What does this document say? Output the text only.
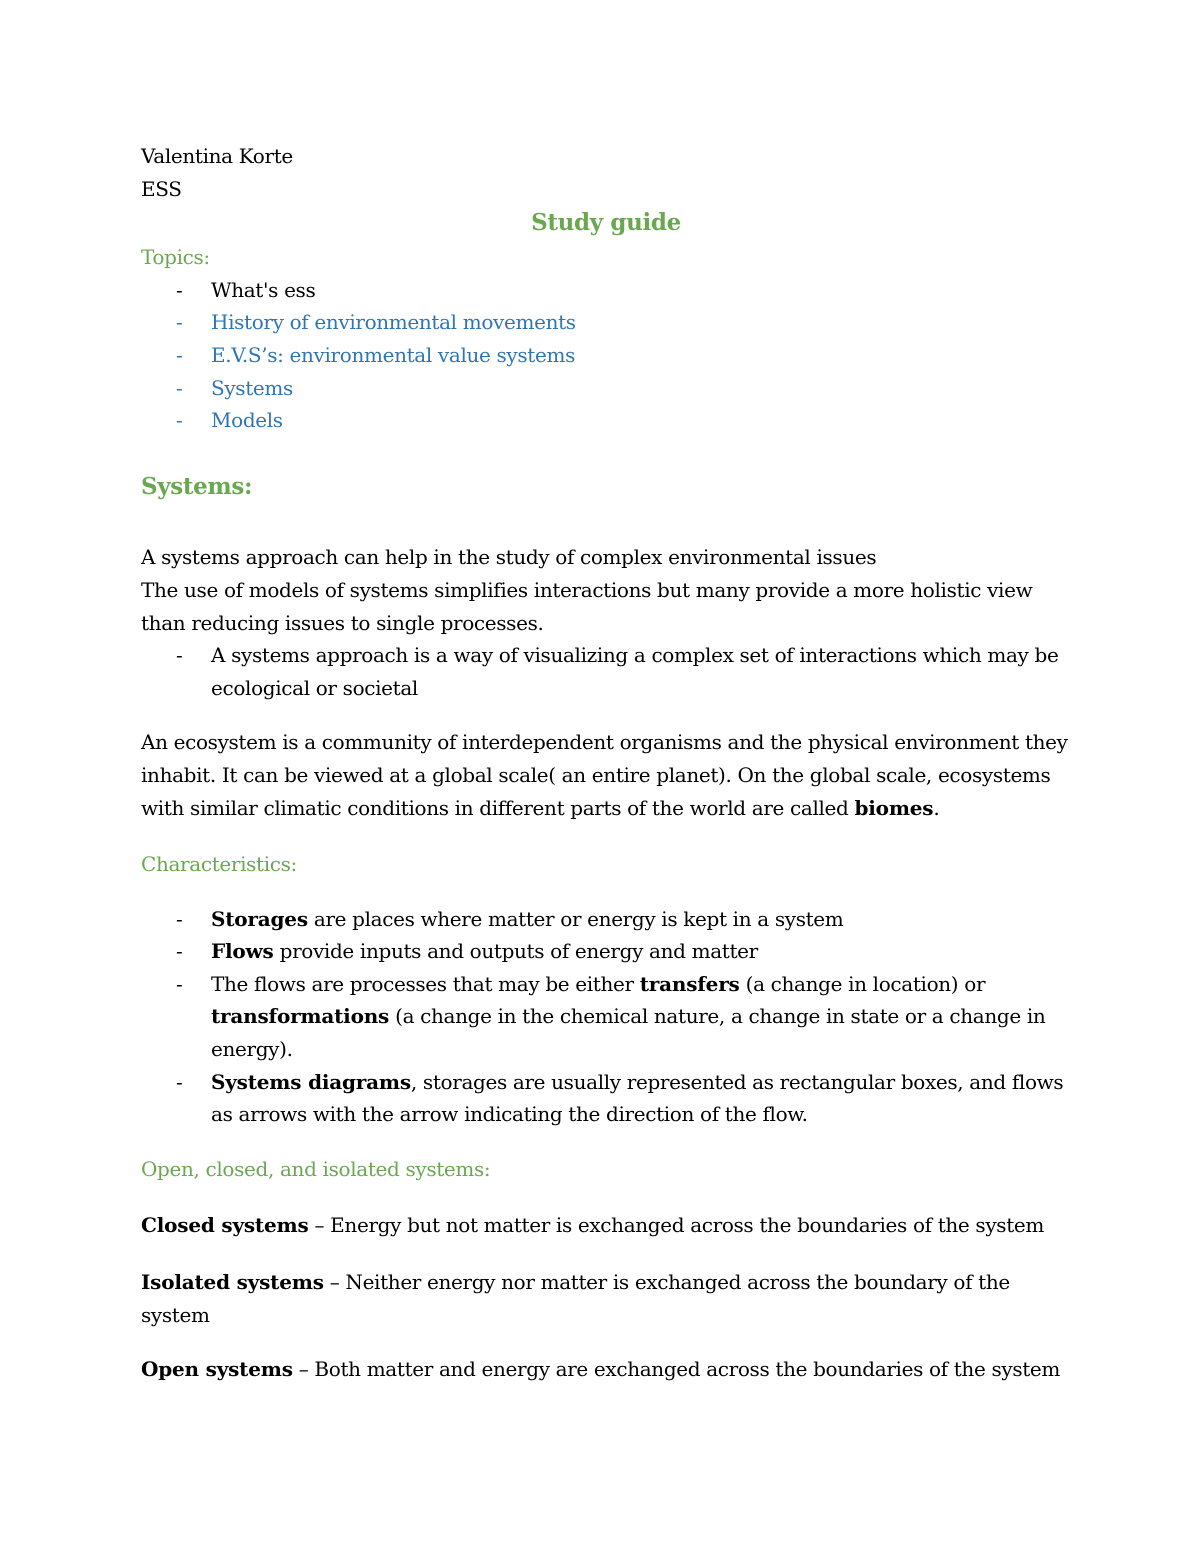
Valentina Korte

ESS

Study guide

Topics:

- What's ess
- History of environmental movements
- E.V.S’s: environmental value systems
- Systems
- Models

Systems:

A systems approach can help in the study of complex environmental issues

The use of models of systems simplifies interactions but many provide a more holistic view than reducing issues to single processes.

- A systems approach is a way of visualizing a complex set of interactions which may be ecological or societal

An ecosystem is a community of interdependent organisms and the physical environment they inhabit. It can be viewed at a global scale( an entire planet). On the global scale, ecosystems with similar climatic conditions in different parts of the world are called biomes.

Characteristics:

- Storages are places where matter or energy is kept in a system
- Flows provide inputs and outputs of energy and matter
- The flows are processes that may be either transfers (a change in location) or transformations (a change in the chemical nature, a change in state or a change in energy).
- Systems diagrams, storages are usually represented as rectangular boxes, and flows as arrows with the arrow indicating the direction of the flow.

Open, closed, and isolated systems:

Closed systems – Energy but not matter is exchanged across the boundaries of the system

Isolated systems – Neither energy nor matter is exchanged across the boundary of the system

Open systems – Both matter and energy are exchanged across the boundaries of the system
